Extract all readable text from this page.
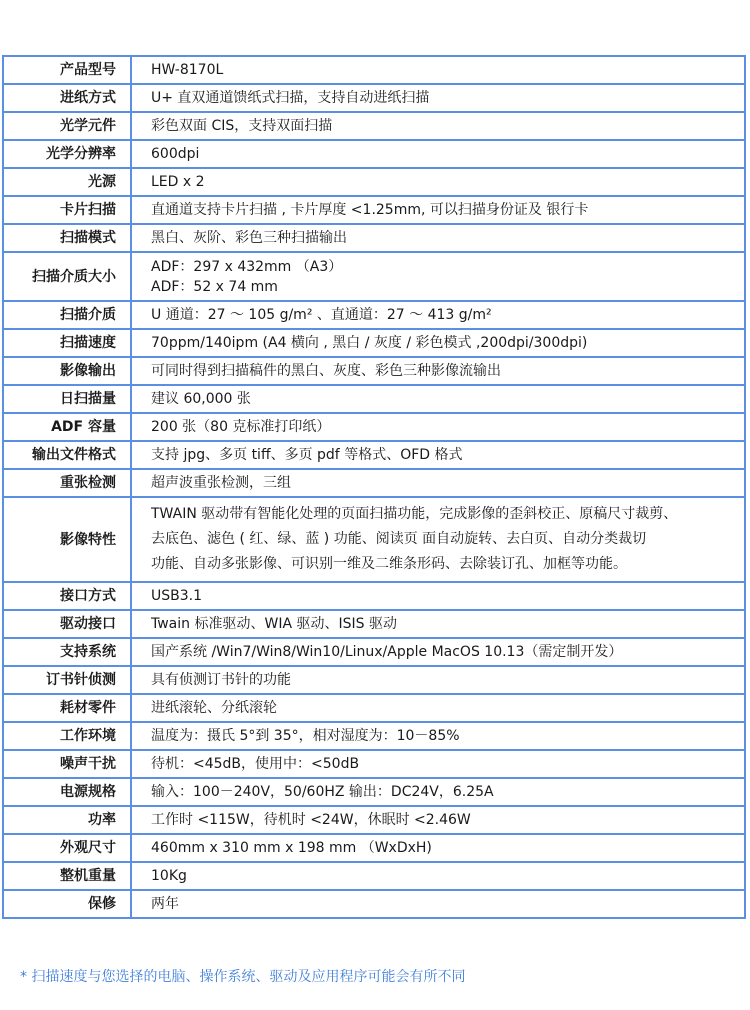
产品型号	HW-8170L

进纸方式	U+ 直双通道馈纸式扫描，支持自动进纸扫描

光学元件	彩色双面 CIS，支持双面扫描

光学分辨率	600dpi

光源	LED x 2

卡片扫描	直通道支持卡片扫描 , 卡片厚度 <1.25mm, 可以扫描身份证及 银行卡

扫描模式	黑白、灰阶、彩色三种扫描输出

扫描介质大小	ADF：297 x 432mm （A3）
ADF：52 x 74 mm

扫描介质	U 通道：27 ～ 105 g/m² 、直通道：27 ～ 413 g/m²

扫描速度	70ppm/140ipm (A4 横向 , 黑白 / 灰度 / 彩色模式 ,200dpi/300dpi)

影像输出	可同时得到扫描稿件的黑白、灰度、彩色三种影像流输出

日扫描量	建议 60,000 张

ADF 容量	200 张（80 克标准打印纸）

输出文件格式	支持 jpg、多页 tiff、多页 pdf 等格式、OFD 格式

重张检测	超声波重张检测，三组

影像特性	TWAIN 驱动带有智能化处理的页面扫描功能，完成影像的歪斜校正、原稿尺寸裁剪、
去底色、滤色 ( 红、绿、蓝 ) 功能、阅读页 面自动旋转、去白页、自动分类裁切
功能、自动多张影像、可识别一维及二维条形码、去除装订孔、加框等功能。

接口方式	USB3.1

驱动接口	Twain 标准驱动、WIA 驱动、ISIS 驱动

支持系统	国产系统 /Win7/Win8/Win10/Linux/Apple MacOS 10.13（需定制开发）

订书针侦测	具有侦测订书针的功能

耗材零件	进纸滚轮、分纸滚轮

工作环境	温度为：摄氏 5°到 35°，相对湿度为：10－85%

噪声干扰	待机：<45dB，使用中：<50dB

电源规格	输入：100－240V，50/60HZ 输出：DC24V，6.25A

功率	工作时 <115W，待机时 <24W，休眠时 <2.46W

外观尺寸	460mm x 310 mm x 198 mm （WxDxH)

整机重量	10Kg

保修	两年
* 扫描速度与您选择的电脑、操作系统、驱动及应用程序可能会有所不同
